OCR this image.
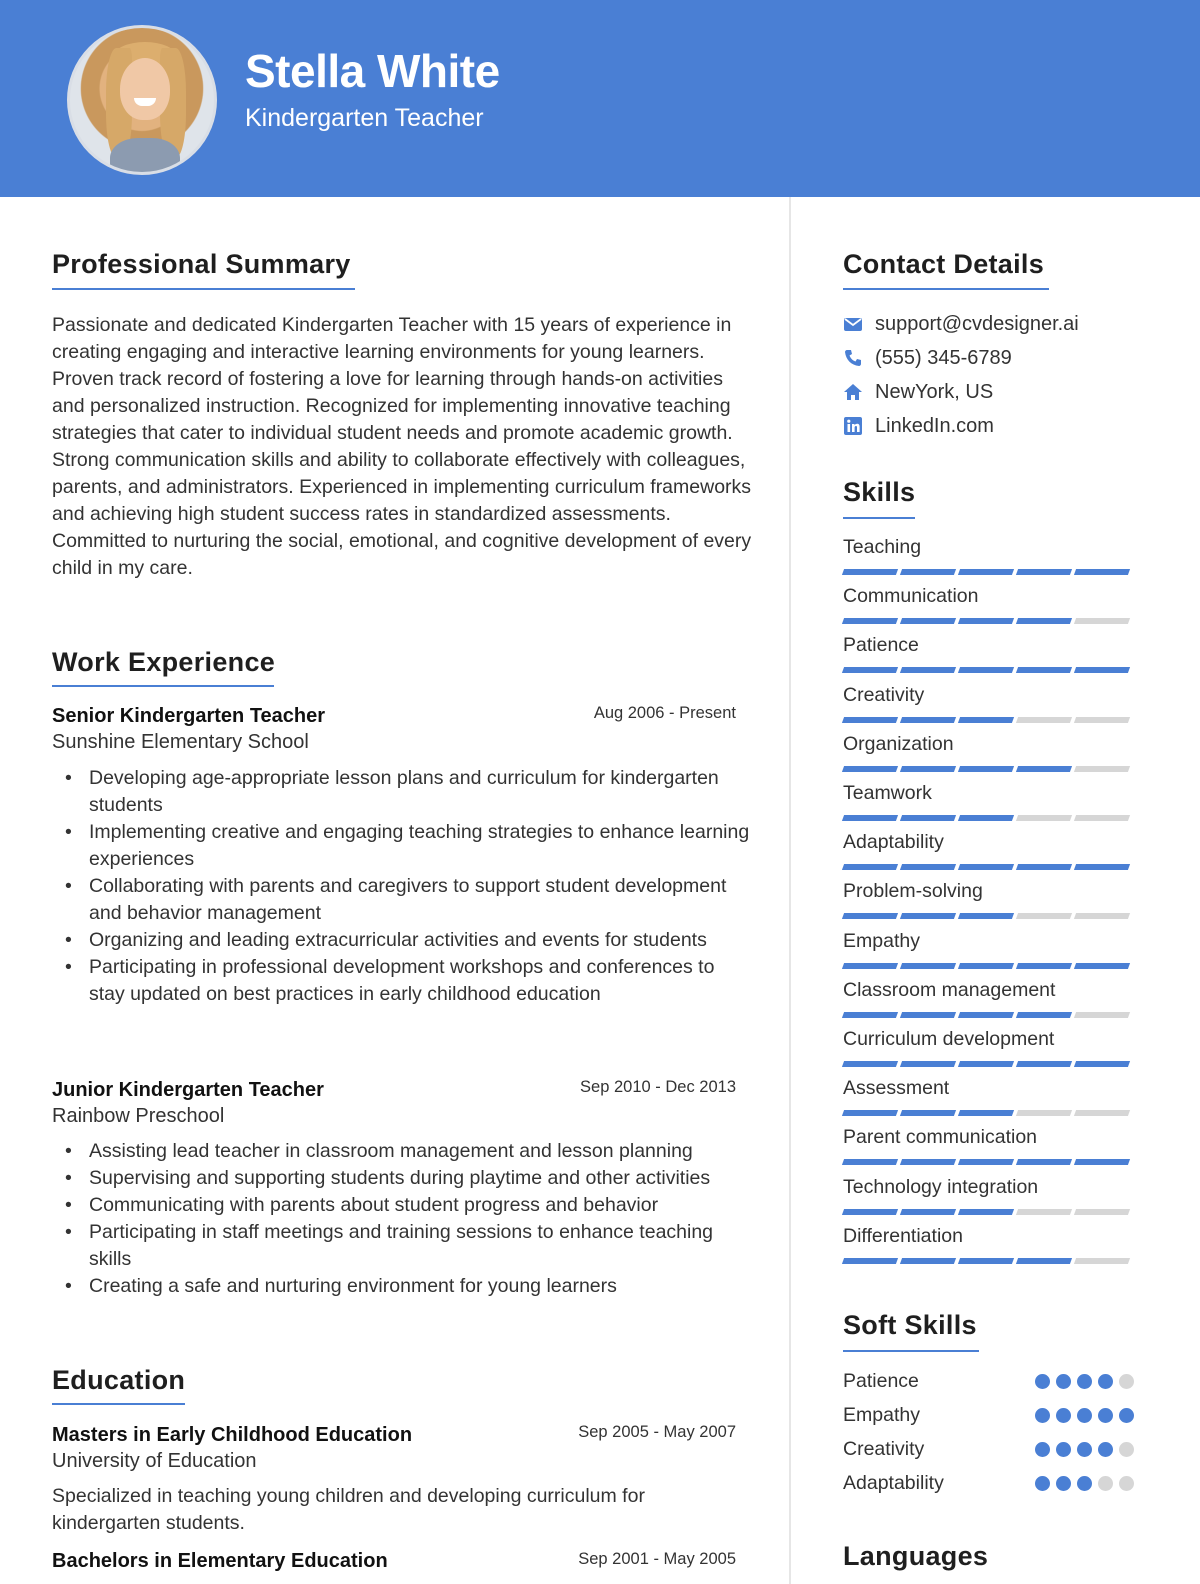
Stella White
Kindergarten Teacher
Professional Summary
Passionate and dedicated Kindergarten Teacher with 15 years of experience in creating engaging and interactive learning environments for young learners. Proven track record of fostering a love for learning through hands-on activities and personalized instruction. Recognized for implementing innovative teaching strategies that cater to individual student needs and promote academic growth. Strong communication skills and ability to collaborate effectively with colleagues, parents, and administrators. Experienced in implementing curriculum frameworks and achieving high student success rates in standardized assessments. Committed to nurturing the social, emotional, and cognitive development of every child in my care.
Work Experience
Senior Kindergarten Teacher	Aug 2006 - Present
Sunshine Elementary School
• Developing age-appropriate lesson plans and curriculum for kindergarten students
• Implementing creative and engaging teaching strategies to enhance learning experiences
• Collaborating with parents and caregivers to support student development and behavior management
• Organizing and leading extracurricular activities and events for students
• Participating in professional development workshops and conferences to stay updated on best practices in early childhood education
Junior Kindergarten Teacher	Sep 2010 - Dec 2013
Rainbow Preschool
• Assisting lead teacher in classroom management and lesson planning
• Supervising and supporting students during playtime and other activities
• Communicating with parents about student progress and behavior
• Participating in staff meetings and training sessions to enhance teaching skills
• Creating a safe and nurturing environment for young learners
Education
Masters in Early Childhood Education	Sep 2005 - May 2007
University of Education
Specialized in teaching young children and developing curriculum for kindergarten students.
Bachelors in Elementary Education	Sep 2001 - May 2005
Contact Details
support@cvdesigner.ai
(555) 345-6789
NewYork, US
LinkedIn.com
Skills
Teaching
Communication
Patience
Creativity
Organization
Teamwork
Adaptability
Problem-solving
Empathy
Classroom management
Curriculum development
Assessment
Parent communication
Technology integration
Differentiation
Soft Skills
Patience
Empathy
Creativity
Adaptability
Languages
